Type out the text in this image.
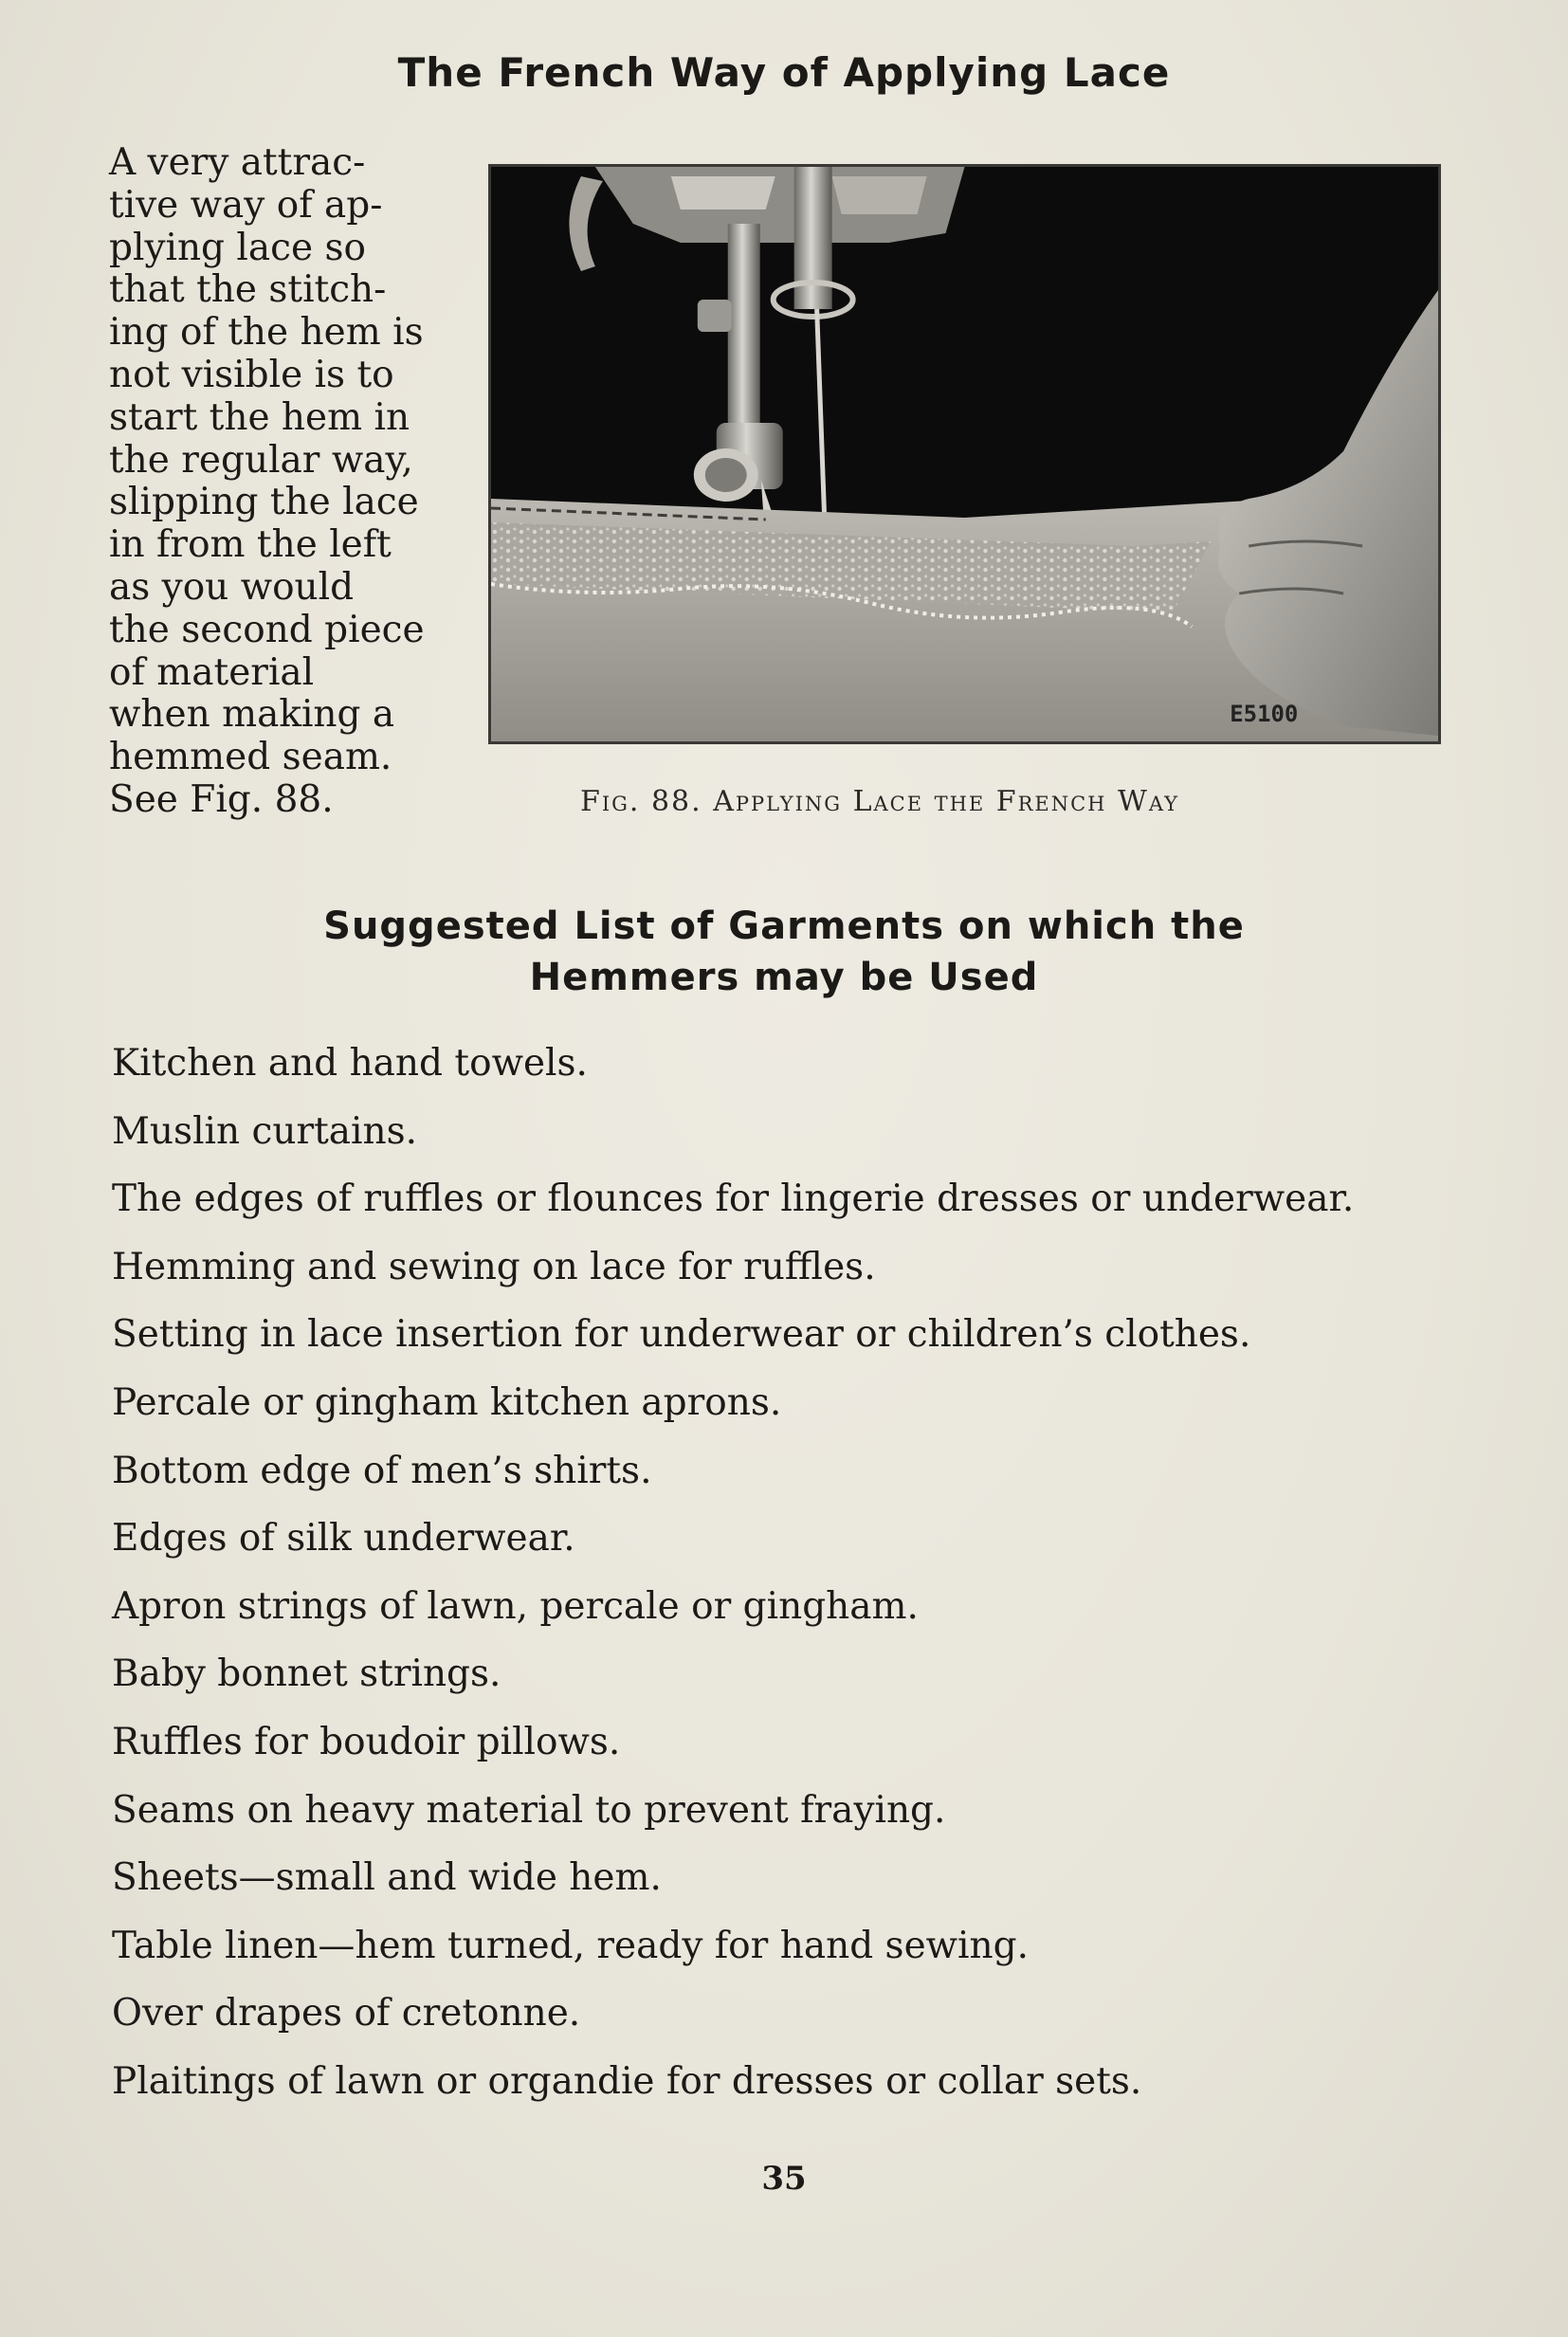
The French Way of Applying Lace
A very attrac-
tive way of ap-
plying lace so
that the stitch-
ing of the hem is
not visible is to
start the hem in
the regular way,
slipping the lace
in from the left
as you would
the second piece
of material
when making a
hemmed seam.
See Fig. 88.
E5100
Fig. 88. Applying Lace the French Way
Suggested List of Garments on which the
Hemmers may be Used
Kitchen and hand towels.
Muslin curtains.
The edges of ruffles or flounces for lingerie dresses or underwear.
Hemming and sewing on lace for ruffles.
Setting in lace insertion for underwear or children’s clothes.
Percale or gingham kitchen aprons.
Bottom edge of men’s shirts.
Edges of silk underwear.
Apron strings of lawn, percale or gingham.
Baby bonnet strings.
Ruffles for boudoir pillows.
Seams on heavy material to prevent fraying.
Sheets—small and wide hem.
Table linen—hem turned, ready for hand sewing.
Over drapes of cretonne.
Plaitings of lawn or organdie for dresses or collar sets.
35
